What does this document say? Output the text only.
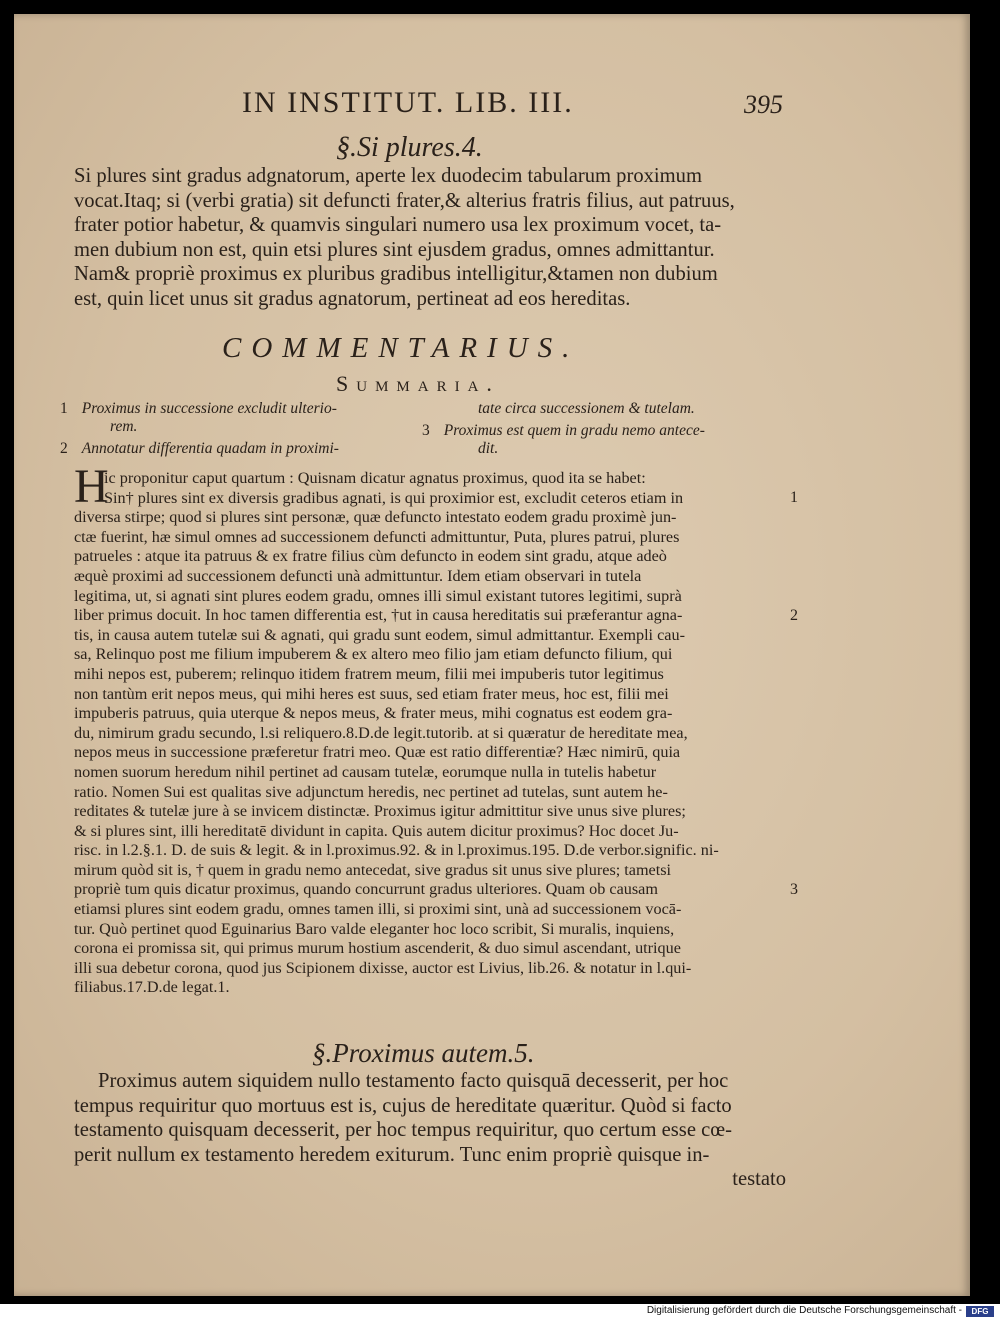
IN INSTITUT. LIB. III.	395
§.Si plures.4.
Si plures sint gradus adgnatorum, aperte lex duodecim tabularum proximum
vocat.Itaq; si (verbi gratia) sit defuncti frater,& alterius fratris filius, aut patruus,
frater potior habetur, & quamvis singulari numero usa lex proximum vocet, ta-
men dubium non est, quin etsi plures sint ejusdem gradus, omnes admittantur.
Nam& propriè proximus ex pluribus gradibus intelligitur,&tamen non dubium
est, quin licet unus sit gradus agnatorum, pertineat ad eos hereditas.
COMMENTARIUS.
Summaria.
1 Proximus in successione excludit ulterio-
rem.
2 Annotatur differentia quadam in proximi-
tate circa successionem & tutelam.
3 Proximus est quem in gradu nemo antece-
dit.
H
ic proponitur caput quartum : Quisnam dicatur agnatus proximus, quod ita se habet:
Sin† plures sint ex diversis gradibus agnati, is qui proximior est, excludit ceteros etiam in
diversa stirpe; quod si plures sint personæ, quæ defuncto intestato eodem gradu proximè jun-
ctæ fuerint, hæ simul omnes ad successionem defuncti admittuntur, Puta, plures patrui, plures
patrueles : atque ita patruus & ex fratre filius cùm defuncto in eodem sint gradu, atque adeò
æquè proximi ad successionem defuncti unà admittuntur. Idem etiam observari in tutela
legitima, ut, si agnati sint plures eodem gradu, omnes illi simul existant tutores legitimi, suprà
liber primus docuit. In hoc tamen differentia est, †ut in causa hereditatis sui præferantur agna-
tis, in causa autem tutelæ sui & agnati, qui gradu sunt eodem, simul admittantur. Exempli cau-
sa, Relinquo post me filium impuberem & ex altero meo filio jam etiam defuncto filium, qui
mihi nepos est, puberem; relinquo itidem fratrem meum, filii mei impuberis tutor legitimus
non tantùm erit nepos meus, qui mihi heres est suus, sed etiam frater meus, hoc est, filii mei
impuberis patruus, quia uterque & nepos meus, & frater meus, mihi cognatus est eodem gra-
du, nimirum gradu secundo, l.si reliquero.8.D.de legit.tutorib. at si quæratur de hereditate mea,
nepos meus in successione præferetur fratri meo. Quæ est ratio differentiæ? Hæc nimirū, quia
nomen suorum heredum nihil pertinet ad causam tutelæ, eorumque nulla in tutelis habetur
ratio. Nomen Sui est qualitas sive adjunctum heredis, nec pertinet ad tutelas, sunt autem he-
reditates & tutelæ jure à se invicem distinctæ. Proximus igitur admittitur sive unus sive plures;
& si plures sint, illi hereditatē dividunt in capita. Quis autem dicitur proximus? Hoc docet Ju-
risc. in l.2.§.1. D. de suis & legit. & in l.proximus.92. & in l.proximus.195. D.de verbor.signific. ni-
mirum quòd sit is, † quem in gradu nemo antecedat, sive gradus sit unus sive plures; tametsi
propriè tum quis dicatur proximus, quando concurrunt gradus ulteriores. Quam ob causam
etiamsi plures sint eodem gradu, omnes tamen illi, si proximi sint, unà ad successionem vocā-
tur. Quò pertinet quod Eguinarius Baro valde eleganter hoc loco scribit, Si muralis, inquiens,
corona ei promissa sit, qui primus murum hostium ascenderit, & duo simul ascendant, utrique
illi sua debetur corona, quod jus Scipionem dixisse, auctor est Livius, lib.26. & notatur in l.qui-
filiabus.17.D.de legat.1.
1
2
3
§.Proximus autem.5.
Proximus autem siquidem nullo testamento facto quisquā decesserit, per hoc
tempus requiritur quo mortuus est is, cujus de hereditate quæritur. Quòd si facto
testamento quisquam decesserit, per hoc tempus requiritur, quo certum esse cœ-
perit nullum ex testamento heredem exiturum. Tunc enim propriè quisque in-
testato
Digitalisierung gefördert durch die Deutsche Forschungsgemeinschaft -	DFG
